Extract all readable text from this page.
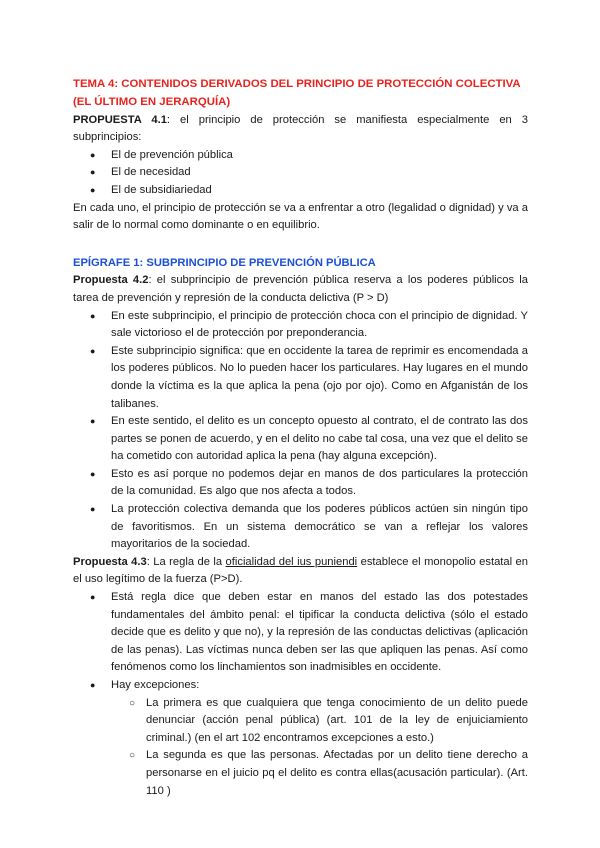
TEMA 4: CONTENIDOS DERIVADOS DEL PRINCIPIO DE PROTECCIÓN COLECTIVA (EL ÚLTIMO EN JERARQUÍA)

PROPUESTA 4.1: el principio de protección se manifiesta especialmente en 3 subprincipios:

● El de prevención pública
● El de necesidad
● El de subsidiariedad

En cada uno, el principio de protección se va a enfrentar a otro (legalidad o dignidad) y va a salir de lo normal como dominante o en equilibrio.

EPÍGRAFE 1: SUBPRINCIPIO DE PREVENCIÓN PÚBLICA

Propuesta 4.2: el subprincipio de prevención pública reserva a los poderes públicos la tarea de prevención y represión de la conducta delictiva (P > D)

● En este subprincipio, el principio de protección choca con el principio de dignidad. Y sale victorioso el de protección por preponderancia.
● Este subprincipio significa: que en occidente la tarea de reprimir es encomendada a los poderes públicos. No lo pueden hacer los particulares. Hay lugares en el mundo donde la víctima es la que aplica la pena (ojo por ojo). Como en Afganistán de los talibanes.
● En este sentido, el delito es un concepto opuesto al contrato, el de contrato las dos partes se ponen de acuerdo, y en el delito no cabe tal cosa, una vez que el delito se ha cometido con autoridad aplica la pena (hay alguna excepción).
● Esto es así porque no podemos dejar en manos de dos particulares la protección de la comunidad. Es algo que nos afecta a todos.
● La protección colectiva demanda que los poderes públicos actúen sin ningún tipo de favoritismos. En un sistema democrático se van a reflejar los valores mayoritarios de la sociedad.

Propuesta 4.3: La regla de la oficialidad del ius puniendi establece el monopolio estatal en el uso legítimo de la fuerza (P>D).

● Está regla dice que deben estar en manos del estado las dos potestades fundamentales del ámbito penal: el tipificar la conducta delictiva (sólo el estado decide que es delito y que no), y la represión de las conductas delictivas (aplicación de las penas). Las víctimas nunca deben ser las que apliquen las penas. Así como fenómenos como los linchamientos son inadmisibles en occidente.
● Hay excepciones:
○ La primera es que cualquiera que tenga conocimiento de un delito puede denunciar (acción penal pública) (art. 101 de la ley de enjuiciamiento criminal.) (en el art 102 encontramos excepciones a esto.)
○ La segunda es que las personas. Afectadas por un delito tiene derecho a personarse en el juicio pq el delito es contra ellas(acusación particular). (Art. 110 )
